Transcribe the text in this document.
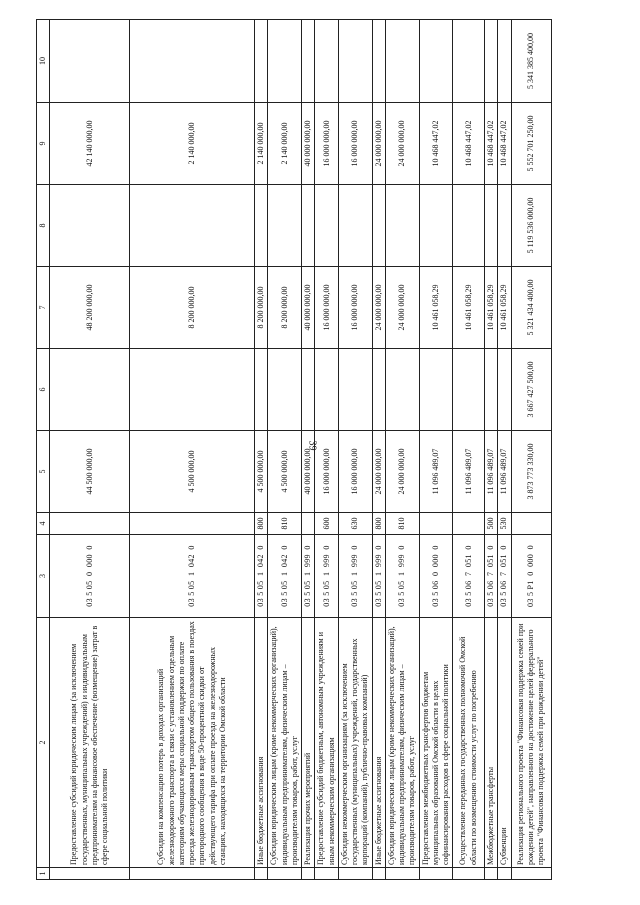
39
1	2	3	4	5	6	7	8	9	10
	Предоставление субсидий юридическим лицам (за исключением государственных, муниципальных учреждений) и индивидуальным предпринимателям на финансовое обеспечение (возмещение) затрат в сфере социальной политики	03 5 05  0  000  0		44 500 000,00		48 200 000,00		42 140 000,00	
	Субсидии на компенсацию потерь в доходах организаций железнодорожного транспорта в связи с установлением отдельным категориям обучающихся меры социальной поддержки по оплате проезда железнодорожным транспортом общего пользования в поездах пригородного сообщения в виде 50-процентной скидки от действующего тарифа при оплате проезда на железнодорожных станциях, находящихся на территории Омской области	03 5 05  1  042  0		4 500 000,00		8 200 000,00		2 140 000,00	
	Иные бюджетные ассигнования	03 5 05  1  042  0	800	4 500 000,00		8 200 000,00		2 140 000,00	
	Субсидии юридическим лицам (кроме некоммерческих организаций), индивидуальным предпринимателям, физическим лицам – производителям товаров, работ, услуг	03 5 05  1  042  0	810	4 500 000,00		8 200 000,00		2 140 000,00	
	Реализация прочих мероприятий	03 5 05  1  999  0		40 000 000,00		40 000 000,00		40 000 000,00	
	Предоставление субсидий бюджетным, автономным учреждениям и иным некоммерческим организациям	03 5 05  1  999  0	600	16 000 000,00		16 000 000,00		16 000 000,00	
	Субсидии некоммерческим организациям (за исключением государственных (муниципальных) учреждений, государственных корпораций (компаний), публично-правовых компаний)	03 5 05  1  999  0	630	16 000 000,00		16 000 000,00		16 000 000,00	
	Иные бюджетные ассигнования	03 5 05  1  999  0	800	24 000 000,00		24 000 000,00		24 000 000,00	
	Субсидии юридическим лицам (кроме некоммерческих организаций), индивидуальным предпринимателям, физическим лицам – производителям товаров, работ, услуг	03 5 05  1  999  0	810	24 000 000,00		24 000 000,00		24 000 000,00	
	Предоставление межбюджетных трансфертов бюджетам муниципальных образований Омской области в целях софинансирования расходов в сфере социальной политики	03 5 06  0  000  0		11 096 489,07		10 461 058,29		10 468 447,02	
	Осуществление переданных государственных полномочий Омской области по возмещению стоимости услуг по погребению	03 5 06  7  051  0		11 096 489,07		10 461 058,29		10 468 447,02	
	Межбюджетные трансферты	03 5 06  7  051  0	500	11 096 489,07		10 461 058,29		10 468 447,02	
	Субвенции	03 5 06  7  051  0	530	11 096 489,07		10 461 058,29		10 468 447,02	
	Реализация регионального проекта "Финансовая поддержка семей при рождении детей", направленного на достижение целей федерального проекта "Финансовая поддержка семей при рождении детей"	03 5 P1  0  000  0		3 873 773 330,00	3 667 427 500,00	5 321 434 400,00	5 119 536 000,00	5 552 701 250,00	5 341 385 400,00
